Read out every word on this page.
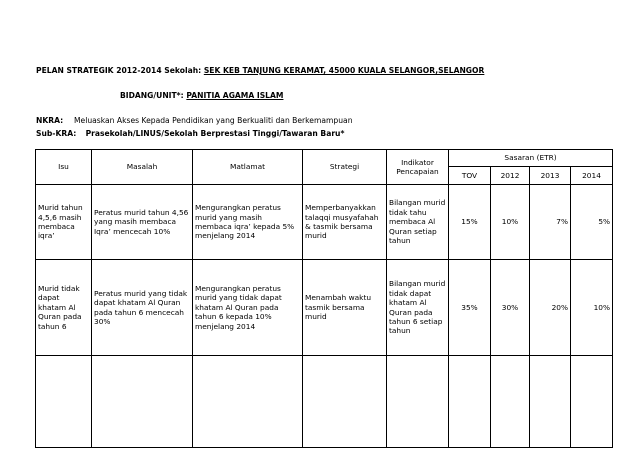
PELAN STRATEGIK 2012-2014 Sekolah: SEK KEB TANJUNG KERAMAT, 45000 KUALA SELANGOR,SELANGOR
BIDANG/UNIT*: PANITIA AGAMA ISLAM
NKRA: Meluaskan Akses Kepada Pendidikan yang Berkualiti dan Berkemampuan
Sub-KRA: Prasekolah/LINUS/Sekolah Berprestasi Tinggi/Tawaran Baru*
Isu	Masalah	Matlamat	Strategi	Indikator Pencapaian	Sasaran (ETR)			
					TOV	2012	2013	2014
Murid tahun 4,5,6 masih membaca iqra’	Peratus murid tahun 4,56 yang masih membaca Iqra’ mencecah 10%	Mengurangkan peratus murid yang masih membaca iqra’ kepada 5% menjelang 2014	Memperbanyakkan talaqqi musyafahah & tasmik bersama murid	Bilangan murid tidak tahu membaca Al Quran setiap tahun	15%	10%	7%	5%
Murid tidak dapat khatam Al Quran pada tahun 6	Peratus murid yang tidak dapat khatam Al Quran pada tahun 6 mencecah 30%	Mengurangkan peratus murid yang tidak dapat khatam Al Quran pada tahun 6 kepada 10% menjelang 2014	Menambah waktu tasmik bersama murid	Bilangan murid tidak dapat khatam Al Quran pada tahun 6 setiap tahun	35%	30%	20%	10%
